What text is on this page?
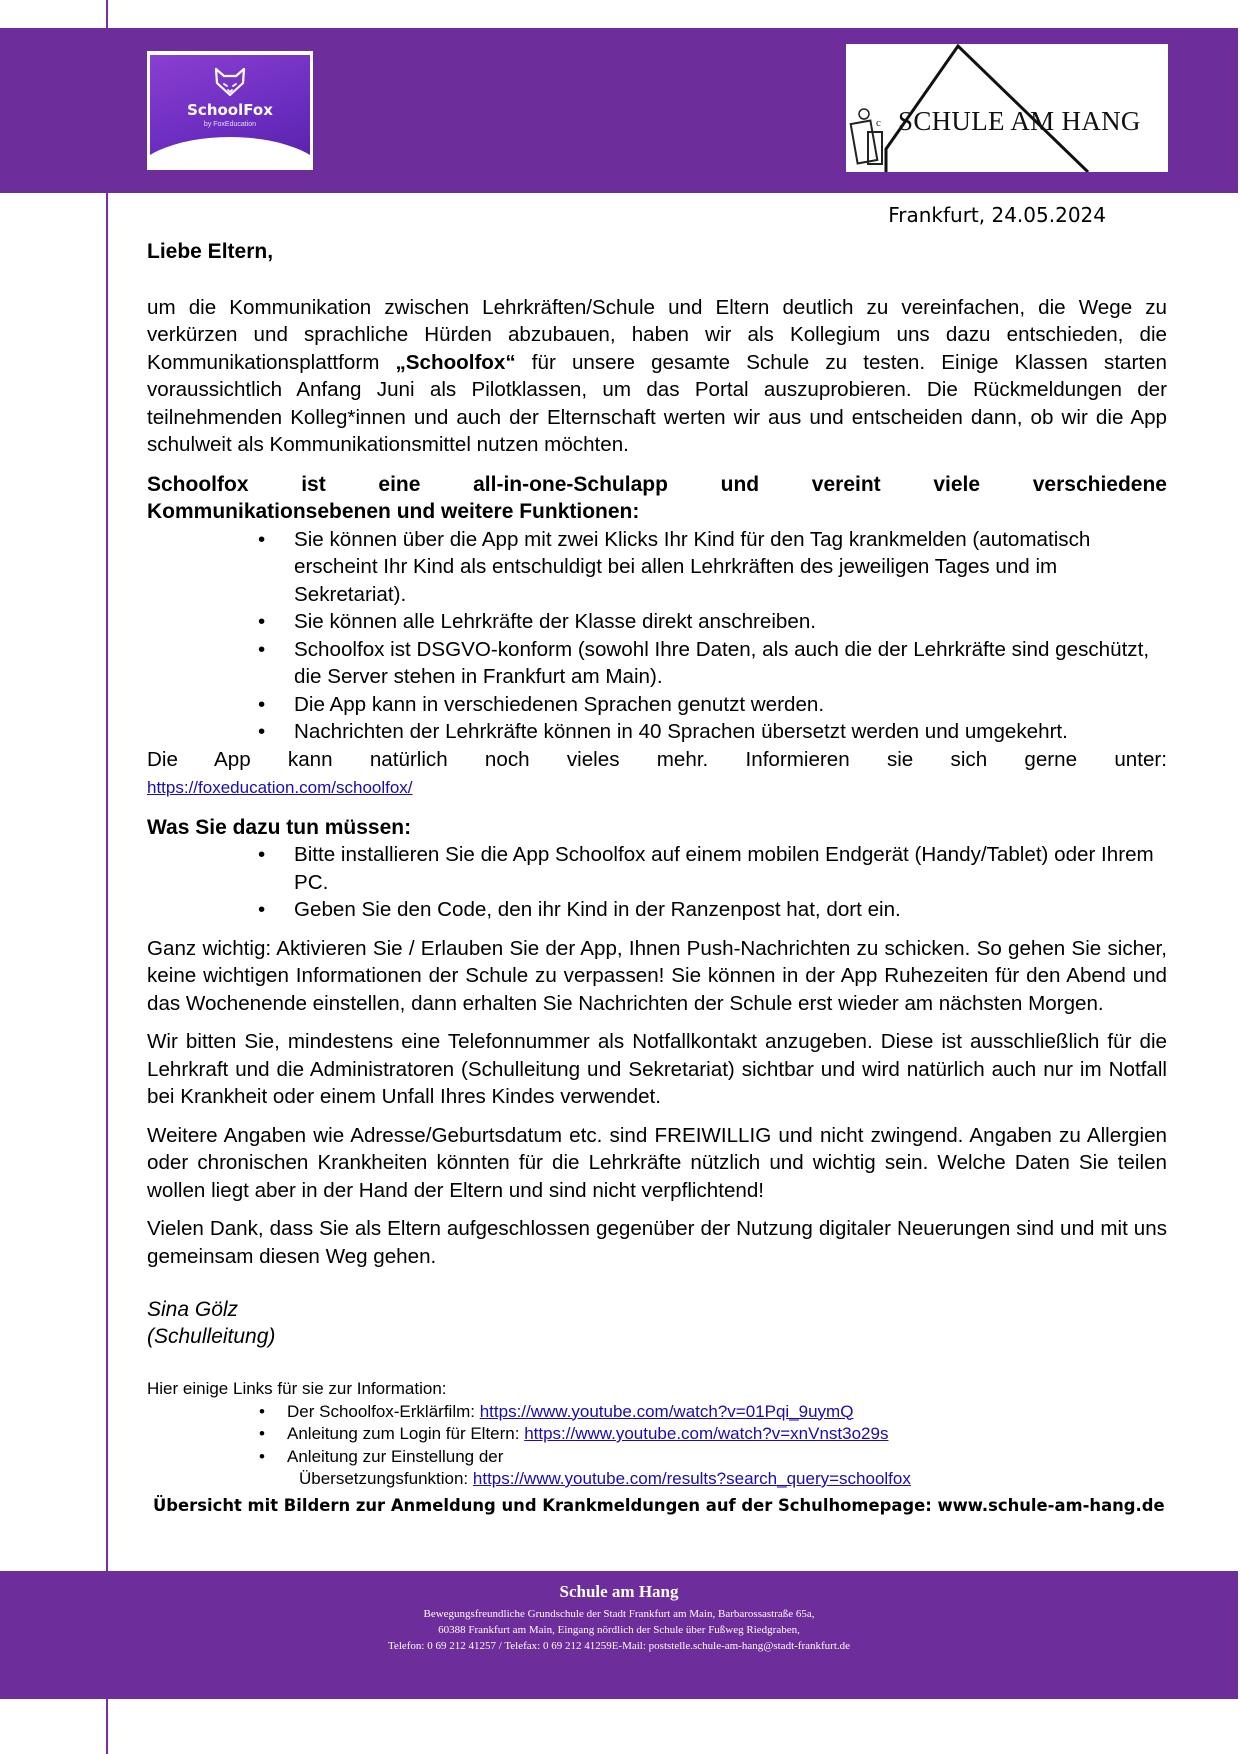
SchoolFox
by FoxEducation	c SCHULE AM HANG
Frankfurt, 24.05.2024
Liebe Eltern,

um die Kommunikation zwischen Lehrkräften/Schule und Eltern deutlich zu vereinfachen, die Wege zu verkürzen und sprachliche Hürden abzubauen, haben wir als Kollegium uns dazu entschieden, die Kommunikationsplattform „Schoolfox“ für unsere gesamte Schule zu testen. Einige Klassen starten voraussichtlich Anfang Juni als Pilotklassen, um das Portal auszuprobieren. Die Rückmeldungen der teilnehmenden Kolleg*innen und auch der Elternschaft werten wir aus und entscheiden dann, ob wir die App schulweit als Kommunikationsmittel nutzen möchten.

Schoolfox ist eine all-in-one-Schulapp und vereint viele verschiedene
Kommunikationsebenen und weitere Funktionen:
• Sie können über die App mit zwei Klicks Ihr Kind für den Tag krankmelden (automatisch erscheint Ihr Kind als entschuldigt bei allen Lehrkräften des jeweiligen Tages und im Sekretariat).
• Sie können alle Lehrkräfte der Klasse direkt anschreiben.
• Schoolfox ist DSGVO-konform (sowohl Ihre Daten, als auch die der Lehrkräfte sind geschützt, die Server stehen in Frankfurt am Main).
• Die App kann in verschiedenen Sprachen genutzt werden.
• Nachrichten der Lehrkräfte können in 40 Sprachen übersetzt werden und umgekehrt.
Die App kann natürlich noch vieles mehr. Informieren sie sich gerne unter:
https://foxeducation.com/schoolfox/
Was Sie dazu tun müssen:
• Bitte installieren Sie die App Schoolfox auf einem mobilen Endgerät (Handy/Tablet) oder Ihrem PC.
• Geben Sie den Code, den ihr Kind in der Ranzenpost hat, dort ein.

Ganz wichtig: Aktivieren Sie / Erlauben Sie der App, Ihnen Push-Nachrichten zu schicken. So gehen Sie sicher, keine wichtigen Informationen der Schule zu verpassen! Sie können in der App Ruhezeiten für den Abend und das Wochenende einstellen, dann erhalten Sie Nachrichten der Schule erst wieder am nächsten Morgen.

Wir bitten Sie, mindestens eine Telefonnummer als Notfallkontakt anzugeben. Diese ist ausschließlich für die Lehrkraft und die Administratoren (Schulleitung und Sekretariat) sichtbar und wird natürlich auch nur im Notfall bei Krankheit oder einem Unfall Ihres Kindes verwendet.

Weitere Angaben wie Adresse/Geburtsdatum etc. sind FREIWILLIG und nicht zwingend. Angaben zu Allergien oder chronischen Krankheiten könnten für die Lehrkräfte nützlich und wichtig sein. Welche Daten Sie teilen wollen liegt aber in der Hand der Eltern und sind nicht verpflichtend!

Vielen Dank, dass Sie als Eltern aufgeschlossen gegenüber der Nutzung digitaler Neuerungen sind und mit uns gemeinsam diesen Weg gehen.

Sina Gölz
(Schulleitung)
Hier einige Links für sie zur Information:
• Der Schoolfox-Erklärfilm: https://www.youtube.com/watch?v=01Pqi_9uymQ
• Anleitung zum Login für Eltern: https://www.youtube.com/watch?v=xnVnst3o29s
• Anleitung zur Einstellung der
Übersetzungsfunktion: https://www.youtube.com/results?search_query=schoolfox
Übersicht mit Bildern zur Anmeldung und Krankmeldungen auf der Schulhomepage: www.schule-am-hang.de
Schule am Hang
Bewegungsfreundliche Grundschule der Stadt Frankfurt am Main, Barbarossastraße 65a,
60388 Frankfurt am Main, Eingang nördlich der Schule über Fußweg Riedgraben,
Telefon: 0 69 212 41257 / Telefax: 0 69 212 41259E-Mail: poststelle.schule-am-hang@stadt-frankfurt.de
